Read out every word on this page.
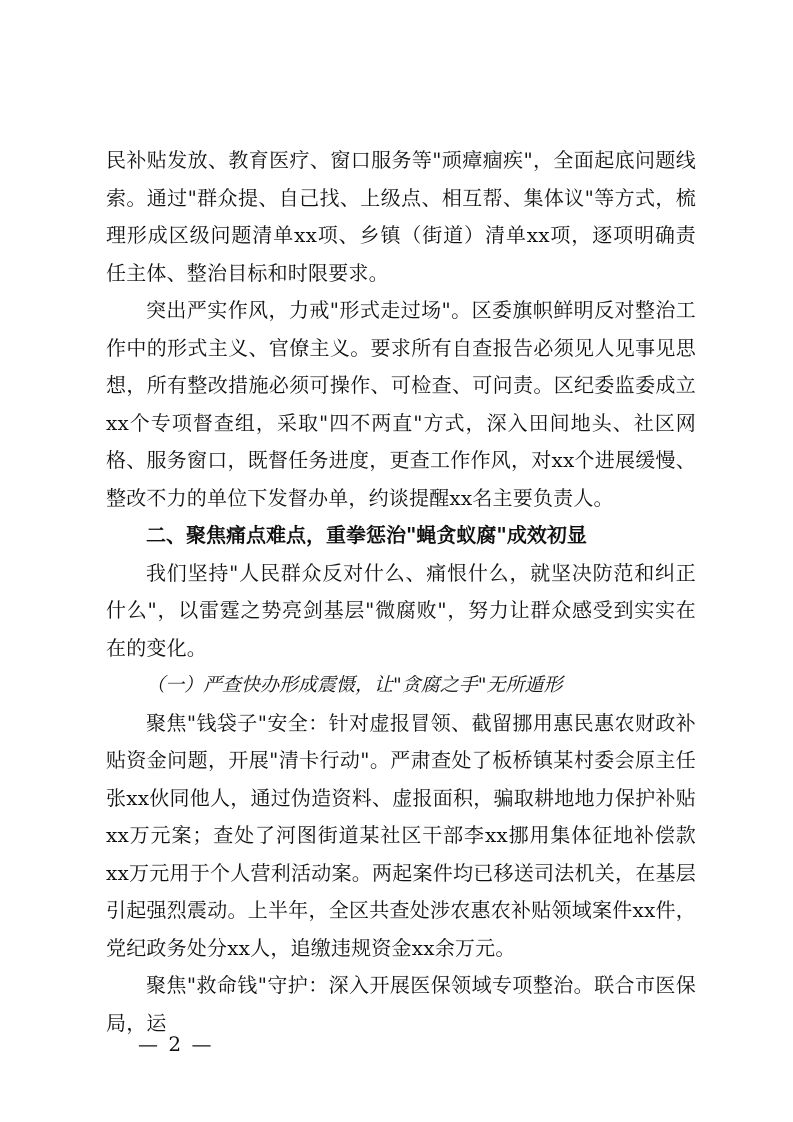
民补贴发放、教育医疗、窗口服务等"顽瘴痼疾"，全面起底问题线索。通过"群众提、自己找、上级点、相互帮、集体议"等方式，梳理形成区级问题清单xx项、乡镇（街道）清单xx项，逐项明确责任主体、整治目标和时限要求。

突出严实作风，力戒"形式走过场"。区委旗帜鲜明反对整治工作中的形式主义、官僚主义。要求所有自查报告必须见人见事见思想，所有整改措施必须可操作、可检查、可问责。区纪委监委成立xx个专项督查组，采取"四不两直"方式，深入田间地头、社区网格、服务窗口，既督任务进度，更查工作作风，对xx个进展缓慢、整改不力的单位下发督办单，约谈提醒xx名主要负责人。

二、聚焦痛点难点，重拳惩治"蝇贪蚁腐"成效初显

我们坚持"人民群众反对什么、痛恨什么，就坚决防范和纠正什么"，以雷霆之势亮剑基层"微腐败"，努力让群众感受到实实在在的变化。

（一）严查快办形成震慑，让"贪腐之手"无所遁形

聚焦"钱袋子"安全：针对虚报冒领、截留挪用惠民惠农财政补贴资金问题，开展"清卡行动"。严肃查处了板桥镇某村委会原主任张xx伙同他人，通过伪造资料、虚报面积，骗取耕地地力保护补贴xx万元案；查处了河图街道某社区干部李xx挪用集体征地补偿款xx万元用于个人营利活动案。两起案件均已移送司法机关，在基层引起强烈震动。上半年，全区共查处涉农惠农补贴领域案件xx件，党纪政务处分xx人，追缴违规资金xx余万元。

聚焦"救命钱"守护：深入开展医保领域专项整治。联合市医保局，运

— 2 —
